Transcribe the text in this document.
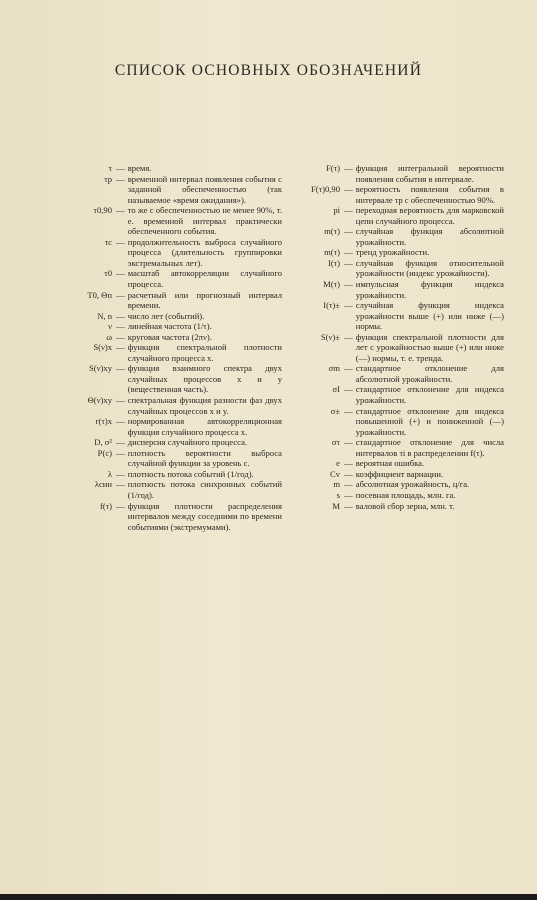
СПИСОК ОСНОВНЫХ ОБОЗНАЧЕНИЙ
τ — время.
τp — временной интервал появления события с заданной обеспеченностью (так называемое «время ожидания»).
τ0,90 — то же с обеспеченностью не менее 90%, т. е. временной интервал практически обеспеченного события.
τc — продолжительность выброса случайного процесса (длительность группировки экстремальных лет).
τ0 — масштаб автокорреляции случайного процесса.
T0, Θп — расчетный или прогнозный интервал времени.
N, n — число лет (событий).
ν — линейная частота (1/τ).
ω — круговая частота (2πν).
S(ν)x — функция спектральной плотности случайного процесса x.
S(ν)xy — функция взаимного спектра двух случайных процессов x и y (вещественная часть).
Θ(ν)xy — спектральная функция разности фаз двух случайных процессов x и y.
r(τ)x — нормированная автокорреляционная функция случайного процесса x.
D, σ² — дисперсия случайного процесса.
P(c) — плотность вероятности выброса случайной функции за уровень c.
λ — плотность потока событий (1/год).
λсин — плотность потока синхронных событий (1/год).
f(τ) — функция плотности распределения интервалов между соседними по времени событиями (экстремумами).
F(τ) — функция интегральной вероятности появления события в интервале.
F(τ)0,90 — вероятность появления события в интервале τp с обеспеченностью 90%.
pi — переходная вероятность для марковской цепи случайного процесса.
m(τ) — случайная функция абсолютной урожайности.
m(τ) — тренд урожайности.
I(τ) — случайная функция относительной урожайности (индекс урожайности).
M(τ) — импульсная функция индекса урожайности.
I(τ)± — случайная функция индекса урожайности выше (+) или ниже (—) нормы.
S(ν)± — функция спектральной плотности для лет с урожайностью выше (+) или ниже (—) нормы, т. е. тренда.
σm — стандартное отклонение для абсолютной урожайности.
σI — стандартное отклонение для индекса урожайности.
σ± — стандартное отклонение для индекса повышенной (+) и пониженной (—) урожайности.
στ — стандартное отклонение для числа интервалов τi в распределении f(τ).
e — вероятная ошибка.
Cv — коэффициент вариации.
m — абсолютная урожайность, ц/га.
s — посевная площадь, млн. га.
M — валовой сбор зерна, млн. т.
